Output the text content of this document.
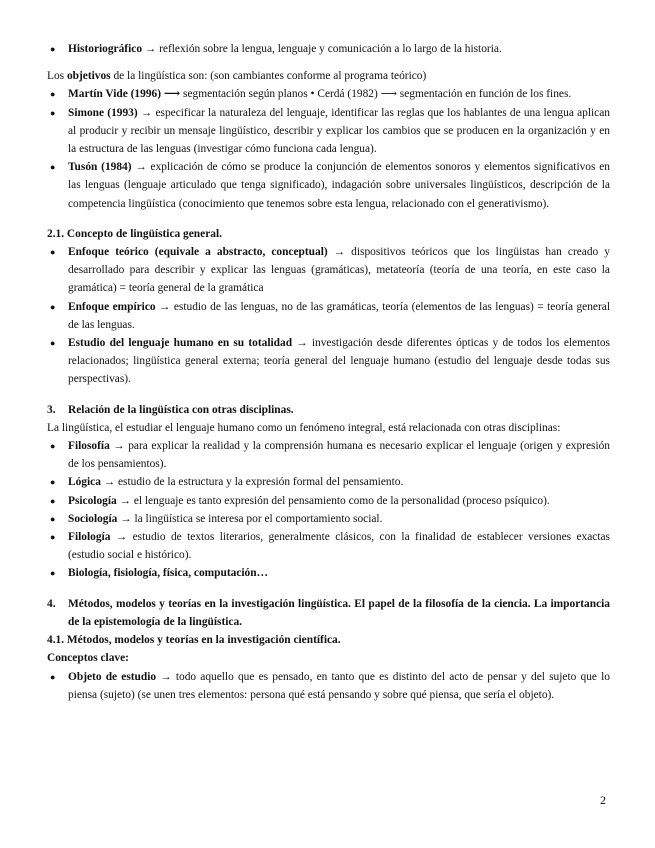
● Historiográfico → reflexión sobre la lengua, lenguaje y comunicación a lo largo de la historia.

Los objetivos de la lingüística son: (son cambiantes conforme al programa teórico)

● Martín Vide (1996) ⟶ segmentación según planos • Cerdá (1982) ⟶ segmentación en función de los fines.
● Simone (1993) → especificar la naturaleza del lenguaje, identificar las reglas que los hablantes de una lengua aplican al producir y recibir un mensaje lingüístico, describir y explicar los cambios que se producen en la organización y en la estructura de las lenguas (investigar cómo funciona cada lengua).
● Tusón (1984) → explicación de cómo se produce la conjunción de elementos sonoros y elementos significativos en las lenguas (lenguaje articulado que tenga significado), indagación sobre universales lingüísticos, descripción de la competencia lingüística (conocimiento que tenemos sobre esta lengua, relacionado con el generativismo).

2.1. Concepto de lingüística general.

● Enfoque teórico (equivale a abstracto, conceptual) → dispositivos teóricos que los lingüistas han creado y desarrollado para describir y explicar las lenguas (gramáticas), metateoría (teoría de una teoría, en este caso la gramática) = teoría general de la gramática
● Enfoque empírico → estudio de las lenguas, no de las gramáticas, teoría (elementos de las lenguas) = teoría general de las lenguas.
● Estudio del lenguaje humano en su totalidad → investigación desde diferentes ópticas y de todos los elementos relacionados; lingüística general externa; teoría general del lenguaje humano (estudio del lenguaje desde todas sus perspectivas).

3. Relación de la lingüística con otras disciplinas.

La lingüística, el estudiar el lenguaje humano como un fenómeno integral, está relacionada con otras disciplinas:

● Filosofía → para explicar la realidad y la comprensión humana es necesario explicar el lenguaje (origen y expresión de los pensamientos).
● Lógica → estudio de la estructura y la expresión formal del pensamiento.
● Psicología → el lenguaje es tanto expresión del pensamiento como de la personalidad (proceso psíquico).
● Sociología → la lingüística se interesa por el comportamiento social.
● Filología → estudio de textos literarios, generalmente clásicos, con la finalidad de establecer versiones exactas (estudio social e histórico).
● Biología, fisiología, física, computación…

4. Métodos, modelos y teorías en la investigación lingüística. El papel de la filosofía de la ciencia. La importancia de la epistemología de la lingüística.

4.1. Métodos, modelos y teorías en la investigación científica.

Conceptos clave:

● Objeto de estudio → todo aquello que es pensado, en tanto que es distinto del acto de pensar y del sujeto que lo piensa (sujeto) (se unen tres elementos: persona qué está pensando y sobre qué piensa, que sería el objeto).
2
